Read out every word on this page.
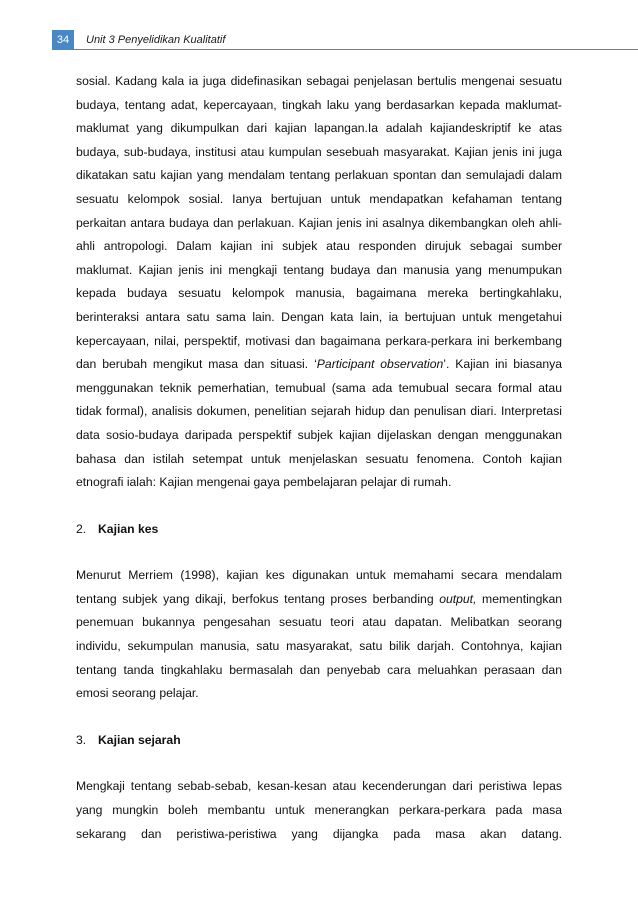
34	Unit 3 Penyelidikan Kualitatif

sosial. Kadang kala ia juga didefinasikan sebagai penjelasan bertulis mengenai sesuatu budaya, tentang adat, kepercayaan, tingkah laku yang berdasarkan kepada maklumat-maklumat yang dikumpulkan dari kajian lapangan.Ia adalah kajiandeskriptif ke atas budaya, sub-budaya, institusi atau kumpulan sesebuah masyarakat. Kajian jenis ini juga dikatakan satu kajian yang mendalam tentang perlakuan spontan dan semulajadi dalam sesuatu kelompok sosial. Ianya bertujuan untuk mendapatkan kefahaman tentang perkaitan antara budaya dan perlakuan. Kajian jenis ini asalnya dikembangkan oleh ahli-ahli antropologi. Dalam kajian ini subjek atau responden dirujuk sebagai sumber maklumat. Kajian jenis ini mengkaji tentang budaya dan manusia yang menumpukan kepada budaya sesuatu kelompok manusia, bagaimana mereka bertingkahlaku, berinteraksi antara satu sama lain. Dengan kata lain, ia bertujuan untuk mengetahui kepercayaan, nilai, perspektif, motivasi dan bagaimana perkara-perkara ini berkembang dan berubah mengikut masa dan situasi. ‘Participant observation’. Kajian ini biasanya menggunakan teknik pemerhatian, temubual (sama ada temubual secara formal atau tidak formal), analisis dokumen, penelitian sejarah hidup dan penulisan diari. Interpretasi data sosio-budaya daripada perspektif subjek kajian dijelaskan dengan menggunakan bahasa dan istilah setempat untuk menjelaskan sesuatu fenomena. Contoh kajian etnografi ialah: Kajian mengenai gaya pembelajaran pelajar di rumah.

2. Kajian kes

Menurut Merriem (1998), kajian kes digunakan untuk memahami secara mendalam tentang subjek yang dikaji, berfokus tentang proses berbanding output, mementingkan penemuan bukannya pengesahan sesuatu teori atau dapatan. Melibatkan seorang individu, sekumpulan manusia, satu masyarakat, satu bilik darjah. Contohnya, kajian tentang tanda tingkahlaku bermasalah dan penyebab cara meluahkan perasaan dan emosi seorang pelajar.

3. Kajian sejarah

Mengkaji tentang sebab-sebab, kesan-kesan atau kecenderungan dari peristiwa lepas yang mungkin boleh membantu untuk menerangkan perkara-perkara pada masa sekarang dan peristiwa-peristiwa yang dijangka pada masa akan datang.
